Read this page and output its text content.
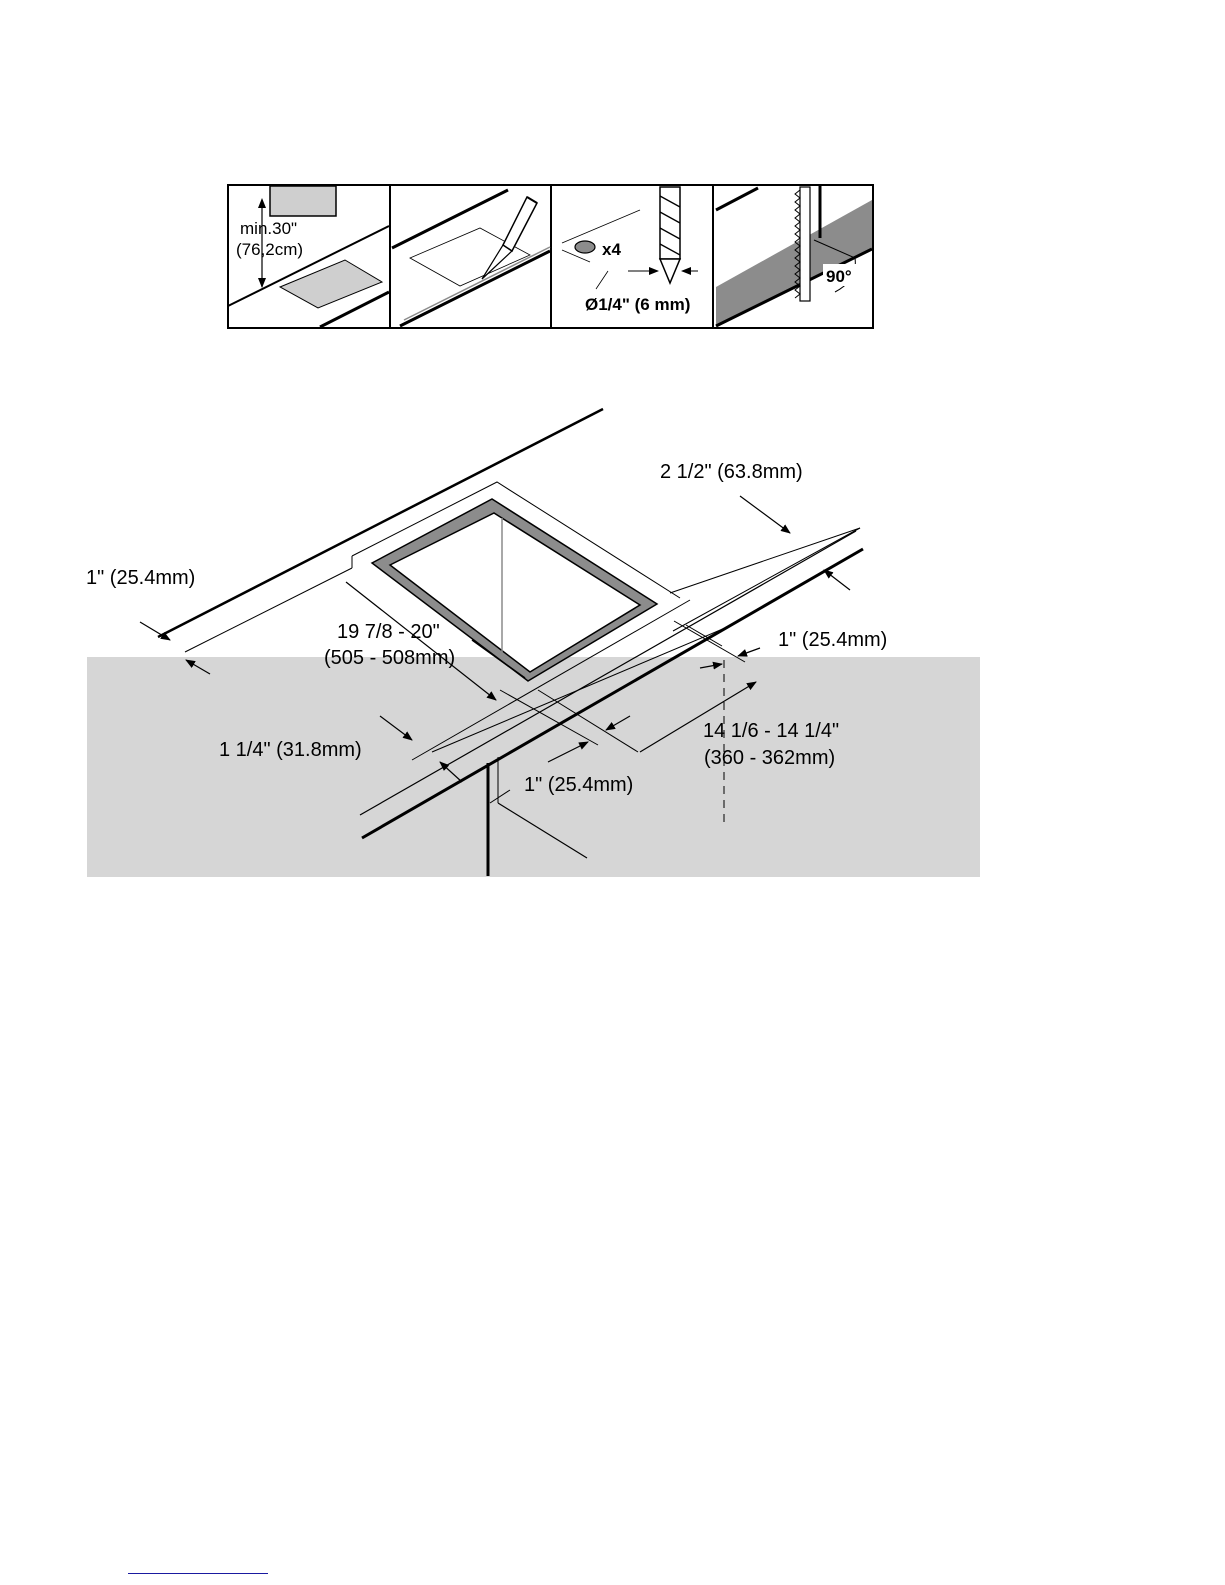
min.30"
(76,2cm)	x4
Ø1/4" (6 mm)
90°
1" (25.4mm)
19 7/8 - 20"
(505 - 508mm)
2 1/2" (63.8mm)
1" (25.4mm)
14 1/6 - 14 1/4"
(360 - 362mm)
1 1/4" (31.8mm)
1" (25.4mm)
